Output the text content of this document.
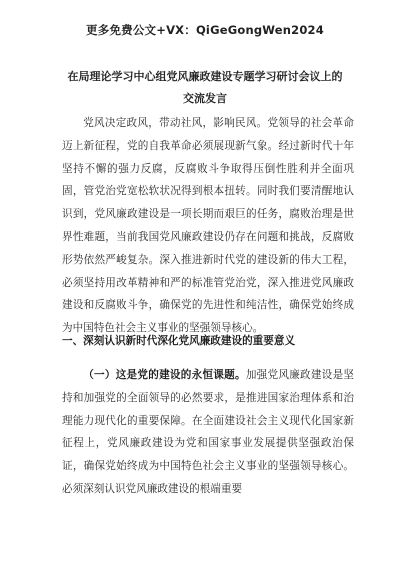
更多免费公文+VX：QiGeGongWen2024
在局理论学习中心组党风廉政建设专题学习研讨会议上的
交流发言

党风决定政风，带动社风，影响民风。党领导的社会革命迈上新征程，党的自我革命必须展现新气象。经过新时代十年坚持不懈的强力反腐，反腐败斗争取得压倒性胜利并全面巩固，管党治党宽松软状况得到根本扭转。同时我们要清醒地认识到，党风廉政建设是一项长期而艰巨的任务，腐败治理是世界性难题，当前我国党风廉政建设仍存在问题和挑战，反腐败形势依然严峻复杂。深入推进新时代党的建设新的伟大工程，必须坚持用改革精神和严的标准管党治党，深入推进党风廉政建设和反腐败斗争，确保党的先进性和纯洁性，确保党始终成为中国特色社会主义事业的坚强领导核心。

一、深刻认识新时代深化党风廉政建设的重要意义

（一）这是党的建设的永恒课题。加强党风廉政建设是坚持和加强党的全面领导的必然要求，是推进国家治理体系和治理能力现代化的重要保障。在全面建设社会主义现代化国家新征程上，党风廉政建设为党和国家事业发展提供坚强政治保证，确保党始终成为中国特色社会主义事业的坚强领导核心。必须深刻认识党风廉政建设的根端重要
